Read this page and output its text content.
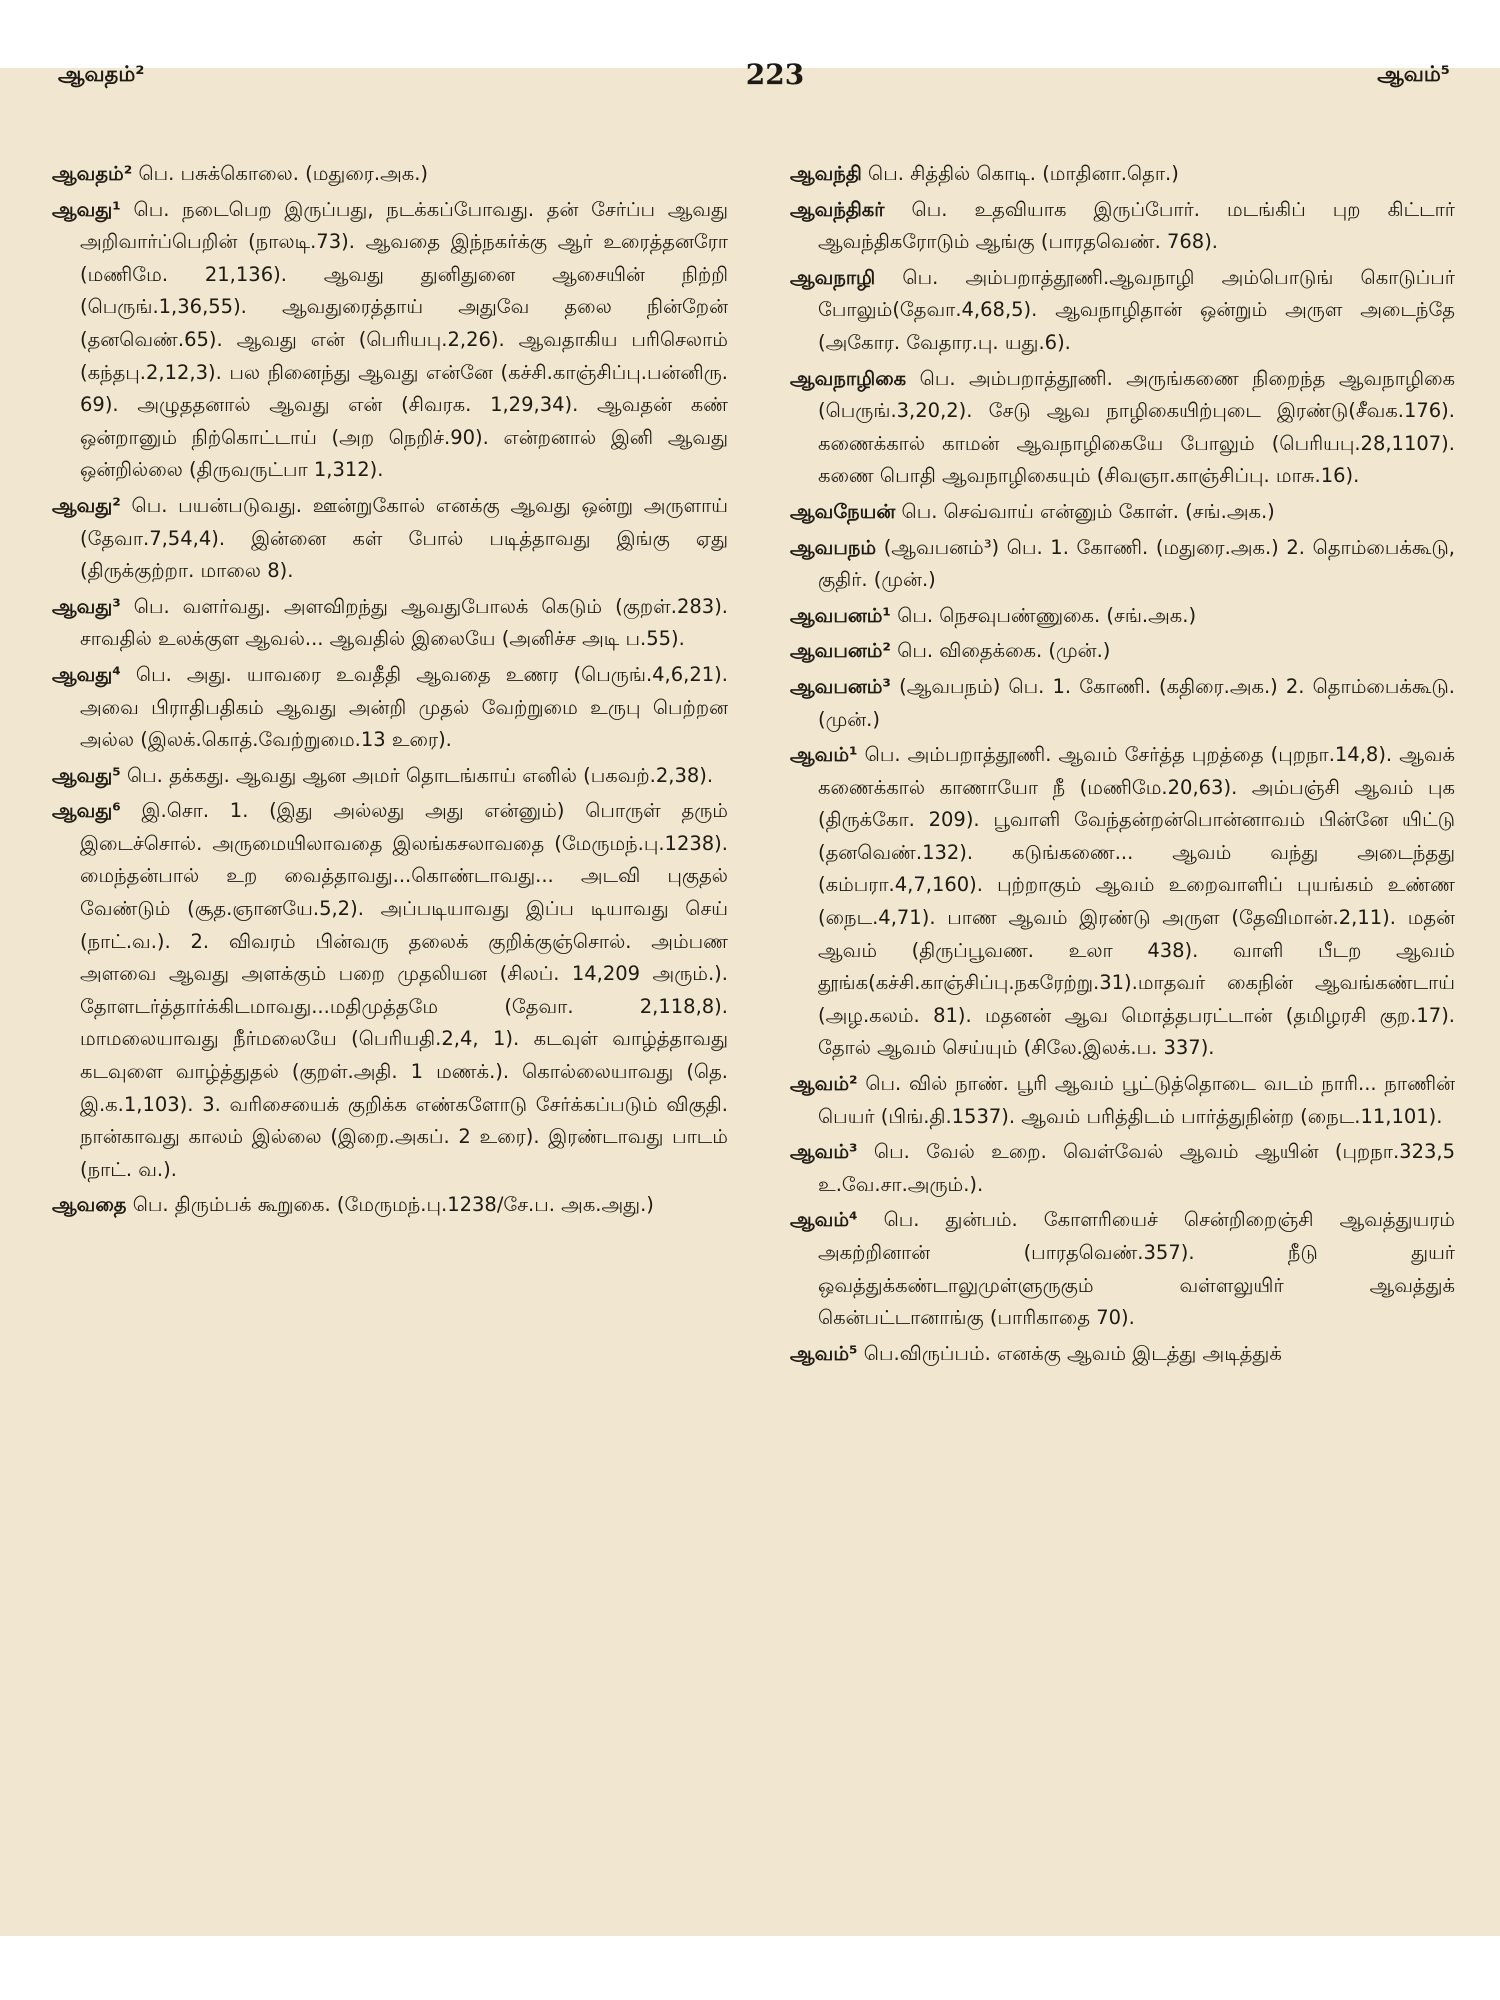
ஆவதம்²	223	ஆவம்⁵

ஆவதம்² பெ. பசுக்கொலை. (மதுரை.அக.)

ஆவது¹ பெ. நடைபெற இருப்பது, நடக்கப்போவது. தன் சேர்ப்ப ஆவது அறிவார்ப்பெறின் (நாலடி.73). ஆவதை இந்நகர்க்கு ஆர் உரைத்தனரோ (மணிமே. 21,136). ஆவது துனிதுனை ஆசையின் நிற்றி (பெருங்.1,36,55). ஆவதுரைத்தாய் அதுவே தலை நின்றேன் (தனவெண்.65). ஆவது என் (பெரியபு.2,26). ஆவதாகிய பரிசெலாம் (கந்தபு.2,12,3). பல நினைந்து ஆவது என்னே (கச்சி.காஞ்சிப்பு.பன்னிரு. 69). அழுததனால் ஆவது என் (சிவரக. 1,29,34). ஆவதன் கண் ஒன்றானும் நிற்கொட்டாய் (அற நெறிச்.90). என்றனால் இனி ஆவது ஒன்றில்லை (திருவருட்பா 1,312).

ஆவது² பெ. பயன்படுவது. ஊன்றுகோல் எனக்கு ஆவது ஒன்று அருளாய் (தேவா.7,54,4). இன்னை கள் போல் படித்தாவது இங்கு ஏது (திருக்குற்றா. மாலை 8).

ஆவது³ பெ. வளர்வது. அளவிறந்து ஆவதுபோலக் கெடும் (குறள்.283). சாவதில் உலக்குள ஆவல்... ஆவதில் இலையே (அனிச்ச அடி ப.55).

ஆவது⁴ பெ. அது. யாவரை உவதீதி ஆவதை உணர (பெருங்.4,6,21). அவை பிராதிபதிகம் ஆவது அன்றி முதல் வேற்றுமை உருபு பெற்றன அல்ல (இலக்.கொத்.வேற்றுமை.13 உரை).

ஆவது⁵ பெ. தக்கது. ஆவது ஆன அமர் தொடங்காய் எனில் (பகவற்.2,38).

ஆவது⁶ இ.சொ. 1. (இது அல்லது அது என்னும்) பொருள் தரும் இடைச்சொல். அருமையிலாவதை இலங்கசலாவதை (மேருமந்.பு.1238). மைந்தன்பால் உற வைத்தாவது...கொண்டாவது... அடவி புகுதல் வேண்டும் (சூத.ஞானயே.5,2). அப்படியாவது இப்ப டியாவது செய் (நாட்.வ.). 2. விவரம் பின்வரு தலைக் குறிக்குஞ்சொல். அம்பண அளவை ஆவது அளக்கும் பறை முதலியன (சிலப். 14,209 அரும்.). தோளடர்த்தார்க்கிடமாவது...மதிமுத்தமே (தேவா. 2,118,8). மாமலையாவது நீர்மலையே (பெரியதி.2,4, 1). கடவுள் வாழ்த்தாவது கடவுளை வாழ்த்துதல் (குறள்.அதி. 1 மணக்.). கொல்லையாவது (தெ. இ.க.1,103). 3. வரிசையைக் குறிக்க எண்களோடு சேர்க்கப்படும் விகுதி. நான்காவது காலம் இல்லை (இறை.அகப். 2 உரை). இரண்டாவது பாடம் (நாட். வ.).

ஆவதை பெ. திரும்பக் கூறுகை. (மேருமந்.பு.1238/சே.ப. அக.அது.)

ஆவந்தி பெ. சித்தில் கொடி. (மாதினா.தொ.)

ஆவந்திகர் பெ. உதவியாக இருப்போர். மடங்கிப் புற கிட்டார் ஆவந்திகரோடும் ஆங்கு (பாரதவெண். 768).

ஆவநாழி பெ. அம்பறாத்தூணி.ஆவநாழி அம்பொடுங் கொடுப்பர் போலும்(தேவா.4,68,5). ஆவநாழிதான் ஒன்றும் அருள அடைந்தே (அகோர. வேதார.பு. யது.6).

ஆவநாழிகை பெ. அம்பறாத்தூணி. அருங்கணை நிறைந்த ஆவநாழிகை (பெருங்.3,20,2). சேடு ஆவ நாழிகையிற்புடை இரண்டு(சீவக.176). கணைக்கால் காமன் ஆவநாழிகையே போலும் (பெரியபு.28,1107). கணை பொதி ஆவநாழிகையும் (சிவஞா.காஞ்சிப்பு. மாசு.16).

ஆவநேயன் பெ. செவ்வாய் என்னும் கோள். (சங்.அக.)

ஆவபநம் (ஆவபனம்³) பெ. 1. கோணி. (மதுரை.அக.) 2. தொம்பைக்கூடு, குதிர். (முன்.)

ஆவபனம்¹ பெ. நெசவுபண்ணுகை. (சங்.அக.)

ஆவபனம்² பெ. விதைக்கை. (முன்.)

ஆவபனம்³ (ஆவபநம்) பெ. 1. கோணி. (கதிரை.அக.) 2. தொம்பைக்கூடு. (முன்.)

ஆவம்¹ பெ. அம்பறாத்தூணி. ஆவம் சேர்த்த புறத்தை (புறநா.14,8). ஆவக் கணைக்கால் காணாயோ நீ (மணிமே.20,63). அம்பஞ்சி ஆவம் புக (திருக்கோ. 209). பூவாளி வேந்தன்றன்பொன்னாவம் பின்னே யிட்டு (தனவெண்.132). கடுங்கணை... ஆவம் வந்து அடைந்தது (கம்பரா.4,7,160). புற்றாகும் ஆவம் உறைவாளிப் புயங்கம் உண்ண (நைட.4,71). பாண ஆவம் இரண்டு அருள (தேவிமான்.2,11). மதன் ஆவம் (திருப்பூவண. உலா 438). வாளி பீடற ஆவம் தூங்க(கச்சி.காஞ்சிப்பு.நகரேற்று.31).மாதவர் கைநின் ஆவங்கண்டாய் (அழ.கலம். 81). மதனன் ஆவ மொத்தபரட்டான் (தமிழரசி குற.17). தோல் ஆவம் செய்யும் (சிலே.இலக்.ப. 337).

ஆவம்² பெ. வில் நாண். பூரி ஆவம் பூட்டுத்தொடை வடம் நாரி... நாணின் பெயர் (பிங்.தி.1537). ஆவம் பரித்திடம் பார்த்துநின்ற (நைட.11,101).

ஆவம்³ பெ. வேல் உறை. வெள்வேல் ஆவம் ஆயின் (புறநா.323,5 உ.வே.சா.அரும்.).

ஆவம்⁴ பெ. துன்பம். கோளரியைச் சென்றிறைஞ்சி ஆவத்துயரம் அகற்றினான் (பாரதவெண்.357). நீடு துயர் ஒவத்துக்கண்டாலுமுள்ளுருகும் வள்ளலுயிர் ஆவத்துக் கென்பட்டானாங்கு (பாரிகாதை 70).

ஆவம்⁵ பெ.விருப்பம். எனக்கு ஆவம் இடத்து அடித்துக்
